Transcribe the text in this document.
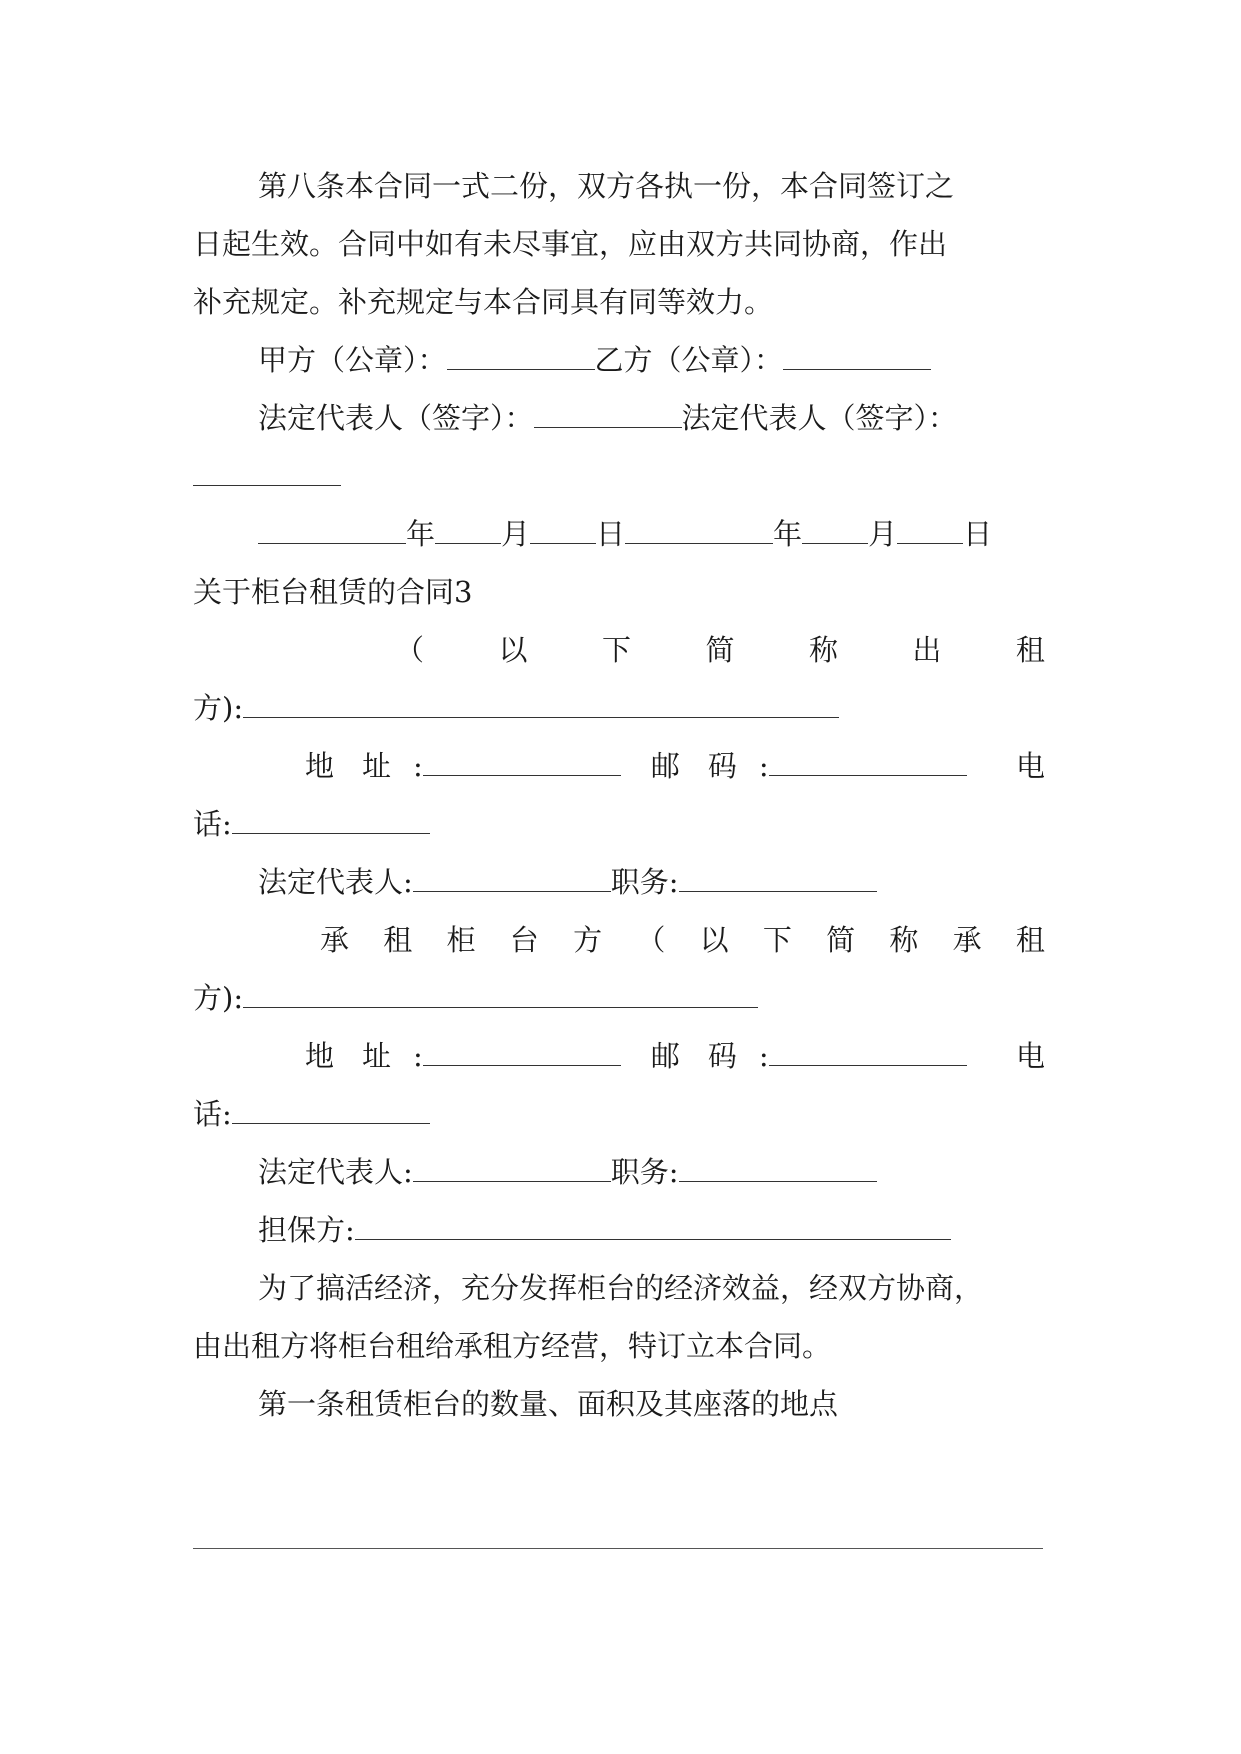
第八条本合同一式二份，双方各执一份，本合同签订之
日起生效。合同中如有未尽事宜，应由双方共同协商，作出
补充规定。补充规定与本合同具有同等效力。
甲方（公章）：	乙方（公章）：
法定代表人（签字）：	法定代表人（签字）：
年 月 日	年 月 日
关于柜台租赁的合同3
（	以	下	简	称	出	租
方):
地 址 :	邮 码 :	电
话:
法定代表人:	职务:
承 租 柜 台 方 （ 以 下 简 称 承 租
方):
地 址 :	邮 码 :	电
话:
法定代表人:	职务:
担保方:
为了搞活经济，充分发挥柜台的经济效益，经双方协商，
由出租方将柜台租给承租方经营，特订立本合同。
第一条租赁柜台的数量、面积及其座落的地点
